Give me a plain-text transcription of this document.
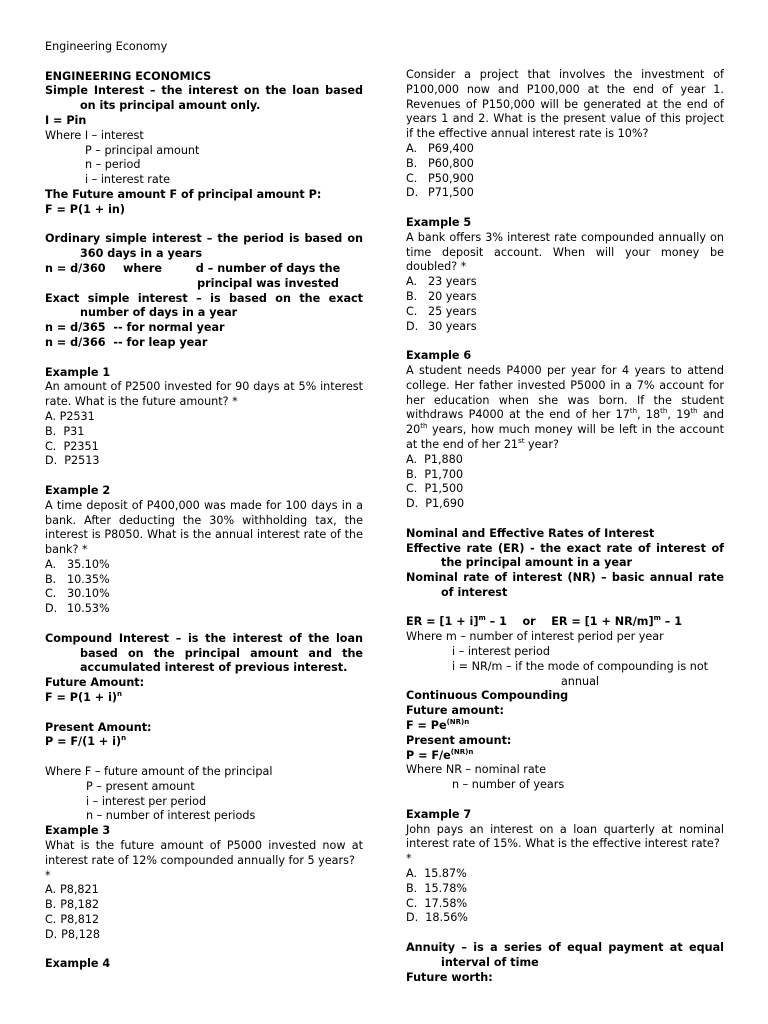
Engineering Economy

ENGINEERING ECONOMICS

Simple Interest – the interest on the loan based on its principal amount only.

I = Pin

Where I – interest

P – principal amount

n – period

i – interest rate

The Future amount F of principal amount P:

F = P(1 + in)

Ordinary simple interest – the period is based on 360 days in a years

n = d/360	where	d – number of days the principal was invested

Exact simple interest – is based on the exact number of days in a year

n = d/365  -- for normal year

n = d/366  -- for leap year

Example 1

An amount of P2500 invested for 90 days at 5% interest rate. What is the future amount? *

A. P2531

B.  P31

C.  P2351

D.  P2513

Example 2

A time deposit of P400,000 was made for 100 days in a bank. After deducting the 30% withholding tax, the interest is P8050. What is the annual interest rate of the bank? *

A. 35.10%
B. 10.35%
C. 30.10%
D. 10.53%

Compound Interest – is the interest of the loan based on the principal amount and the accumulated interest of previous interest.

Future Amount:

$F = P(1 + i)^n$

Present Amount:

$P = F/(1 + i)^n$

Where F – future amount of the principal

P – present amount

i – interest per period

n – number of interest periods

Example 3

What is the future amount of P5000 invested now at interest rate of 12% compounded annually for 5 years?

*

A. P8,821
B. P8,182
C. P8,812
D. P8,128

Example 4

Consider a project that involves the investment of P100,000 now and P100,000 at the end of year 1. Revenues of P150,000 will be generated at the end of years 1 and 2. What is the present value of this project if the effective annual interest rate is 10%?

A. P69,400
B. P60,800
C. P50,900
D. P71,500

Example 5

A bank offers 3% interest rate compounded annually on time deposit account. When will your money be doubled? *

A. 23 years
B. 20 years
C. 25 years
D. 30 years

Example 6

A student needs P4000 per year for 4 years to attend college. Her father invested P5000 in a 7% account for her education when she was born. If the student withdraws P4000 at the end of her 17th, 18th, 19th and 20th years, how much money will be left in the account at the end of her 21st year?

A.  P1,880

B.  P1,700

C.  P1,500

D.  P1,690

Nominal and Effective Rates of Interest

Effective rate (ER) - the exact rate of interest of the principal amount in a year

Nominal rate of interest (NR) – basic annual rate of interest

ER = $[1 + i]^m - 1$    or    ER = $[1 + NR/m]^m - 1$

Where m – number of interest period per year

i – interest period

i = NR/m – if the mode of compounding is not

annual

Continuous Compounding

Future amount:

$F = Pe^{(NR)n}$

Present amount:

$P = F/e^{(NR)n}$

Where NR – nominal rate

n – number of years

Example 7

John pays an interest on a loan quarterly at nominal interest rate of 15%. What is the effective interest rate?

*

A.  15.87%

B.  15.78%

C.  17.58%

D.  18.56%

Annuity – is a series of equal payment at equal interval of time

Future worth:
